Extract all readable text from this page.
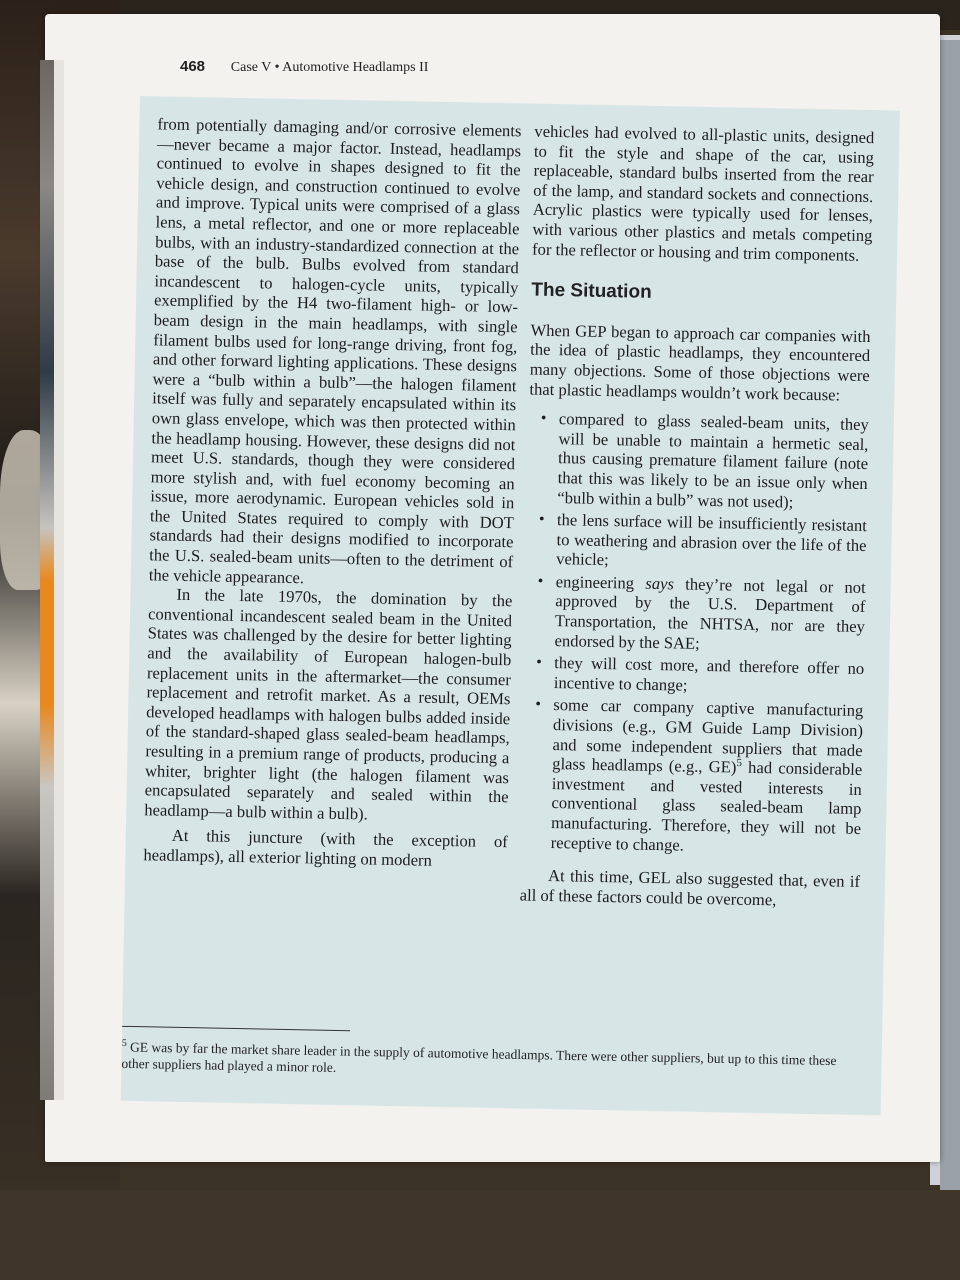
468 Case V • Automotive Headlamps II

from potentially damaging and/or corrosive elements—never became a major factor. Instead, headlamps continued to evolve in shapes designed to fit the vehicle design, and construction continued to evolve and improve. Typical units were comprised of a glass lens, a metal reflector, and one or more replaceable bulbs, with an industry-standardized connection at the base of the bulb. Bulbs evolved from standard incandescent to halogen-cycle units, typically exemplified by the H4 two-filament high- or low-beam design in the main headlamps, with single filament bulbs used for long-range driving, front fog, and other forward lighting applications. These designs were a “bulb within a bulb”—the halogen filament itself was fully and separately encapsulated within its own glass envelope, which was then protected within the headlamp housing. However, these designs did not meet U.S. standards, though they were considered more stylish and, with fuel economy becoming an issue, more aerodynamic. European vehicles sold in the United States required to comply with DOT standards had their designs modified to incorporate the U.S. sealed-beam units—often to the detriment of the vehicle appearance.

In the late 1970s, the domination by the conventional incandescent sealed beam in the United States was challenged by the desire for better lighting and the availability of European halogen-bulb replacement units in the aftermarket—the consumer replacement and retrofit market. As a result, OEMs developed headlamps with halogen bulbs added inside of the standard-shaped glass sealed-beam headlamps, resulting in a premium range of products, producing a whiter, brighter light (the halogen filament was encapsulated separately and sealed within the headlamp—a bulb within a bulb).

At this juncture (with the exception of headlamps), all exterior lighting on modern

vehicles had evolved to all-plastic units, designed to fit the style and shape of the car, using replaceable, standard bulbs inserted from the rear of the lamp, and standard sockets and connections. Acrylic plastics were typically used for lenses, with various other plastics and metals competing for the reflector or housing and trim components.

The Situation

When GEP began to approach car companies with the idea of plastic headlamps, they encountered many objections. Some of those objections were that plastic headlamps wouldn’t work because:

• compared to glass sealed-beam units, they will be unable to maintain a hermetic seal, thus causing premature filament failure (note that this was likely to be an issue only when “bulb within a bulb” was not used);
• the lens surface will be insufficiently resistant to weathering and abrasion over the life of the vehicle;
• engineering says they’re not legal or not approved by the U.S. Department of Transportation, the NHTSA, nor are they endorsed by the SAE;
• they will cost more, and therefore offer no incentive to change;
• some car company captive manufacturing divisions (e.g., GM Guide Lamp Division) and some independent suppliers that made glass headlamps (e.g., GE)$^5$ had considerable investment and vested interests in conventional glass sealed-beam lamp manufacturing. Therefore, they will not be receptive to change.

At this time, GEL also suggested that, even if all of these factors could be overcome,

$^5$ GE was by far the market share leader in the supply of automotive headlamps. There were other suppliers, but up to this time these other suppliers had played a minor role.
